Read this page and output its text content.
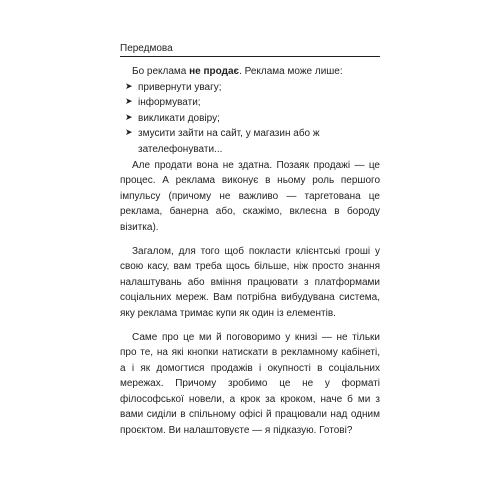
Передмова

Бо реклама не продає. Реклама може лише:

➤ привернути увагу;
➤ інформувати;
➤ викликати довіру;
➤ змусити зайти на сайт, у магазин або ж зателефонувати...

Але продати вона не здатна. Позаяк продажі — це процес. А реклама виконує в ньому роль першого імпульсу (причому не важливо — таргетована це реклама, банерна або, скажімо, вклеєна в бороду візитка).

Загалом, для того щоб покласти клієнтські гроші у свою касу, вам треба щось більше, ніж просто знання налаштувань або вміння працювати з платформами соціальних мереж. Вам потрібна вибудувана система, яку реклама тримає купи як один із елементів.

Саме про це ми й поговоримо у книзі — не тільки про те, на які кнопки натискати в рекламному кабінеті, а і як домогтися продажів і окупності в соціальних мережах. Причому зробимо це не у форматі філософської новели, а крок за кроком, наче б ми з вами сиділи в спільному офісі й працювали над одним проєктом. Ви налаштовуєте — я підказую. Готові?
